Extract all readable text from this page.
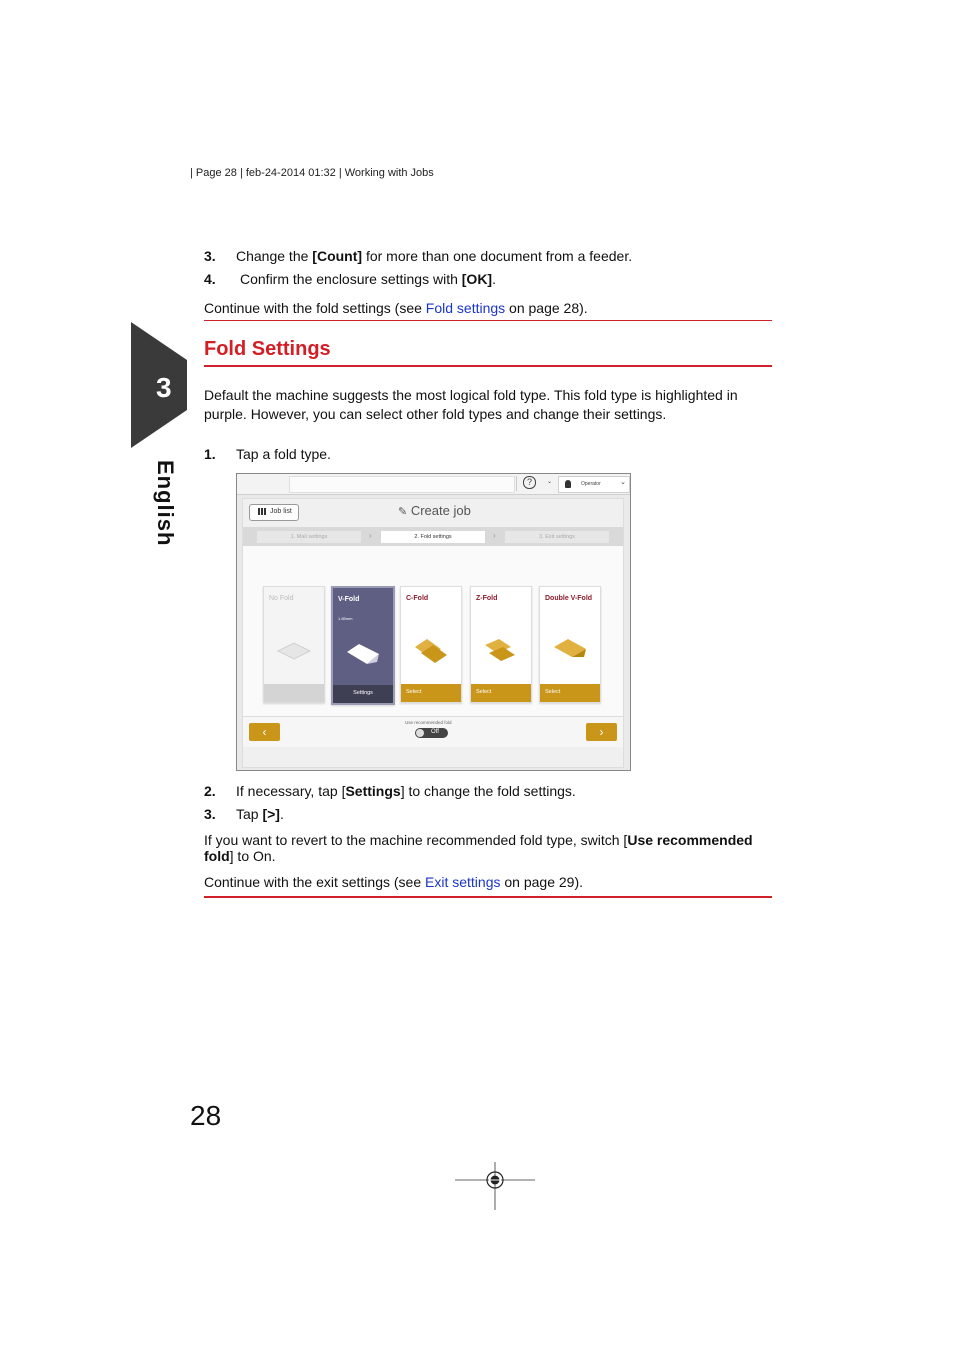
| Page 28 | feb-24-2014 01:32 | Working with Jobs
3
English
3. Change the [Count] for more than one document from a feeder.
4. Confirm the enclosure settings with [OK].
Continue with the fold settings (see Fold settings on page 28).
Fold Settings
Default the machine suggests the most logical fold type. This fold type is highlighted in purple. However, you can select other fold types and change their settings.
1. Tap a fold type.
?	⌄	Operator	⌄
Job list	✎ Create job
1. Mail settings	›	2. Fold settings	›	3. Exit settings
No Fold	V-Fold
1.85mm
Settings
C-Fold
Select
Z-Fold
Select
Double V-Fold
Select
‹
Use recommended fold
Off	›
2. If necessary, tap [Settings] to change the fold settings.
3. Tap [>].
If you want to revert to the machine recommended fold type, switch [Use recommended fold] to On.
Continue with the exit settings (see Exit settings on page 29).
28
